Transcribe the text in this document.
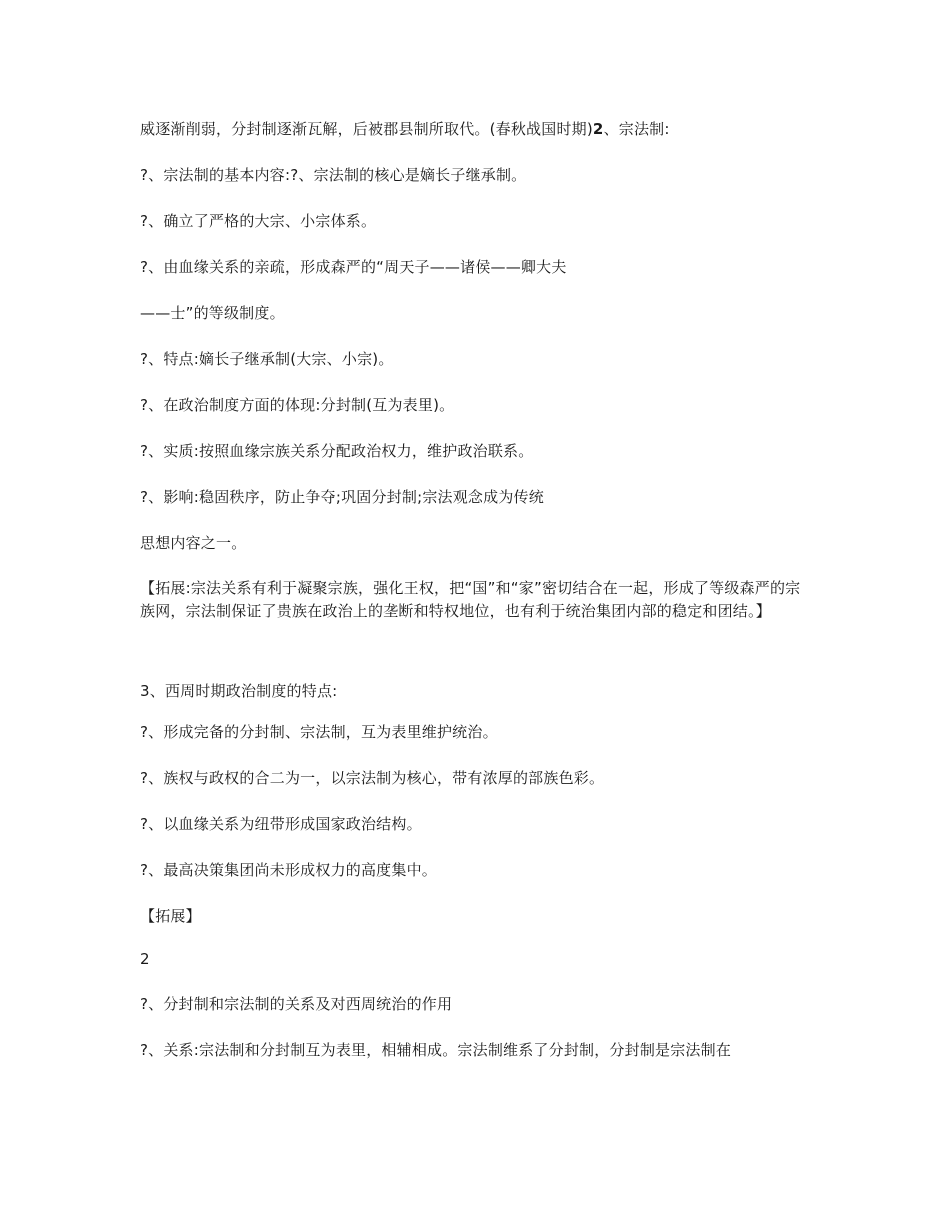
威逐渐削弱，分封制逐渐瓦解，后被郡县制所取代。(春秋战国时期)2、宗法制:
?、宗法制的基本内容:?、宗法制的核心是嫡长子继承制。
?、确立了严格的大宗、小宗体系。
?、由血缘关系的亲疏，形成森严的“周天子——诸侯——卿大夫
——士”的等级制度。
?、特点:嫡长子继承制(大宗、小宗)。
?、在政治制度方面的体现:分封制(互为表里)。
?、实质:按照血缘宗族关系分配政治权力，维护政治联系。
?、影响:稳固秩序，防止争夺;巩固分封制;宗法观念成为传统
思想内容之一。
【拓展:宗法关系有利于凝聚宗族，强化王权，把“国”和“家”密切结合在一起，形成了等级森严的宗族网，宗法制保证了贵族在政治上的垄断和特权地位，也有利于统治集团内部的稳定和团结。】
3、西周时期政治制度的特点:
?、形成完备的分封制、宗法制，互为表里维护统治。
?、族权与政权的合二为一，以宗法制为核心，带有浓厚的部族色彩。
?、以血缘关系为纽带形成国家政治结构。
?、最高决策集团尚未形成权力的高度集中。
【拓展】
2
?、分封制和宗法制的关系及对西周统治的作用
?、关系:宗法制和分封制互为表里，相辅相成。宗法制维系了分封制，分封制是宗法制在
